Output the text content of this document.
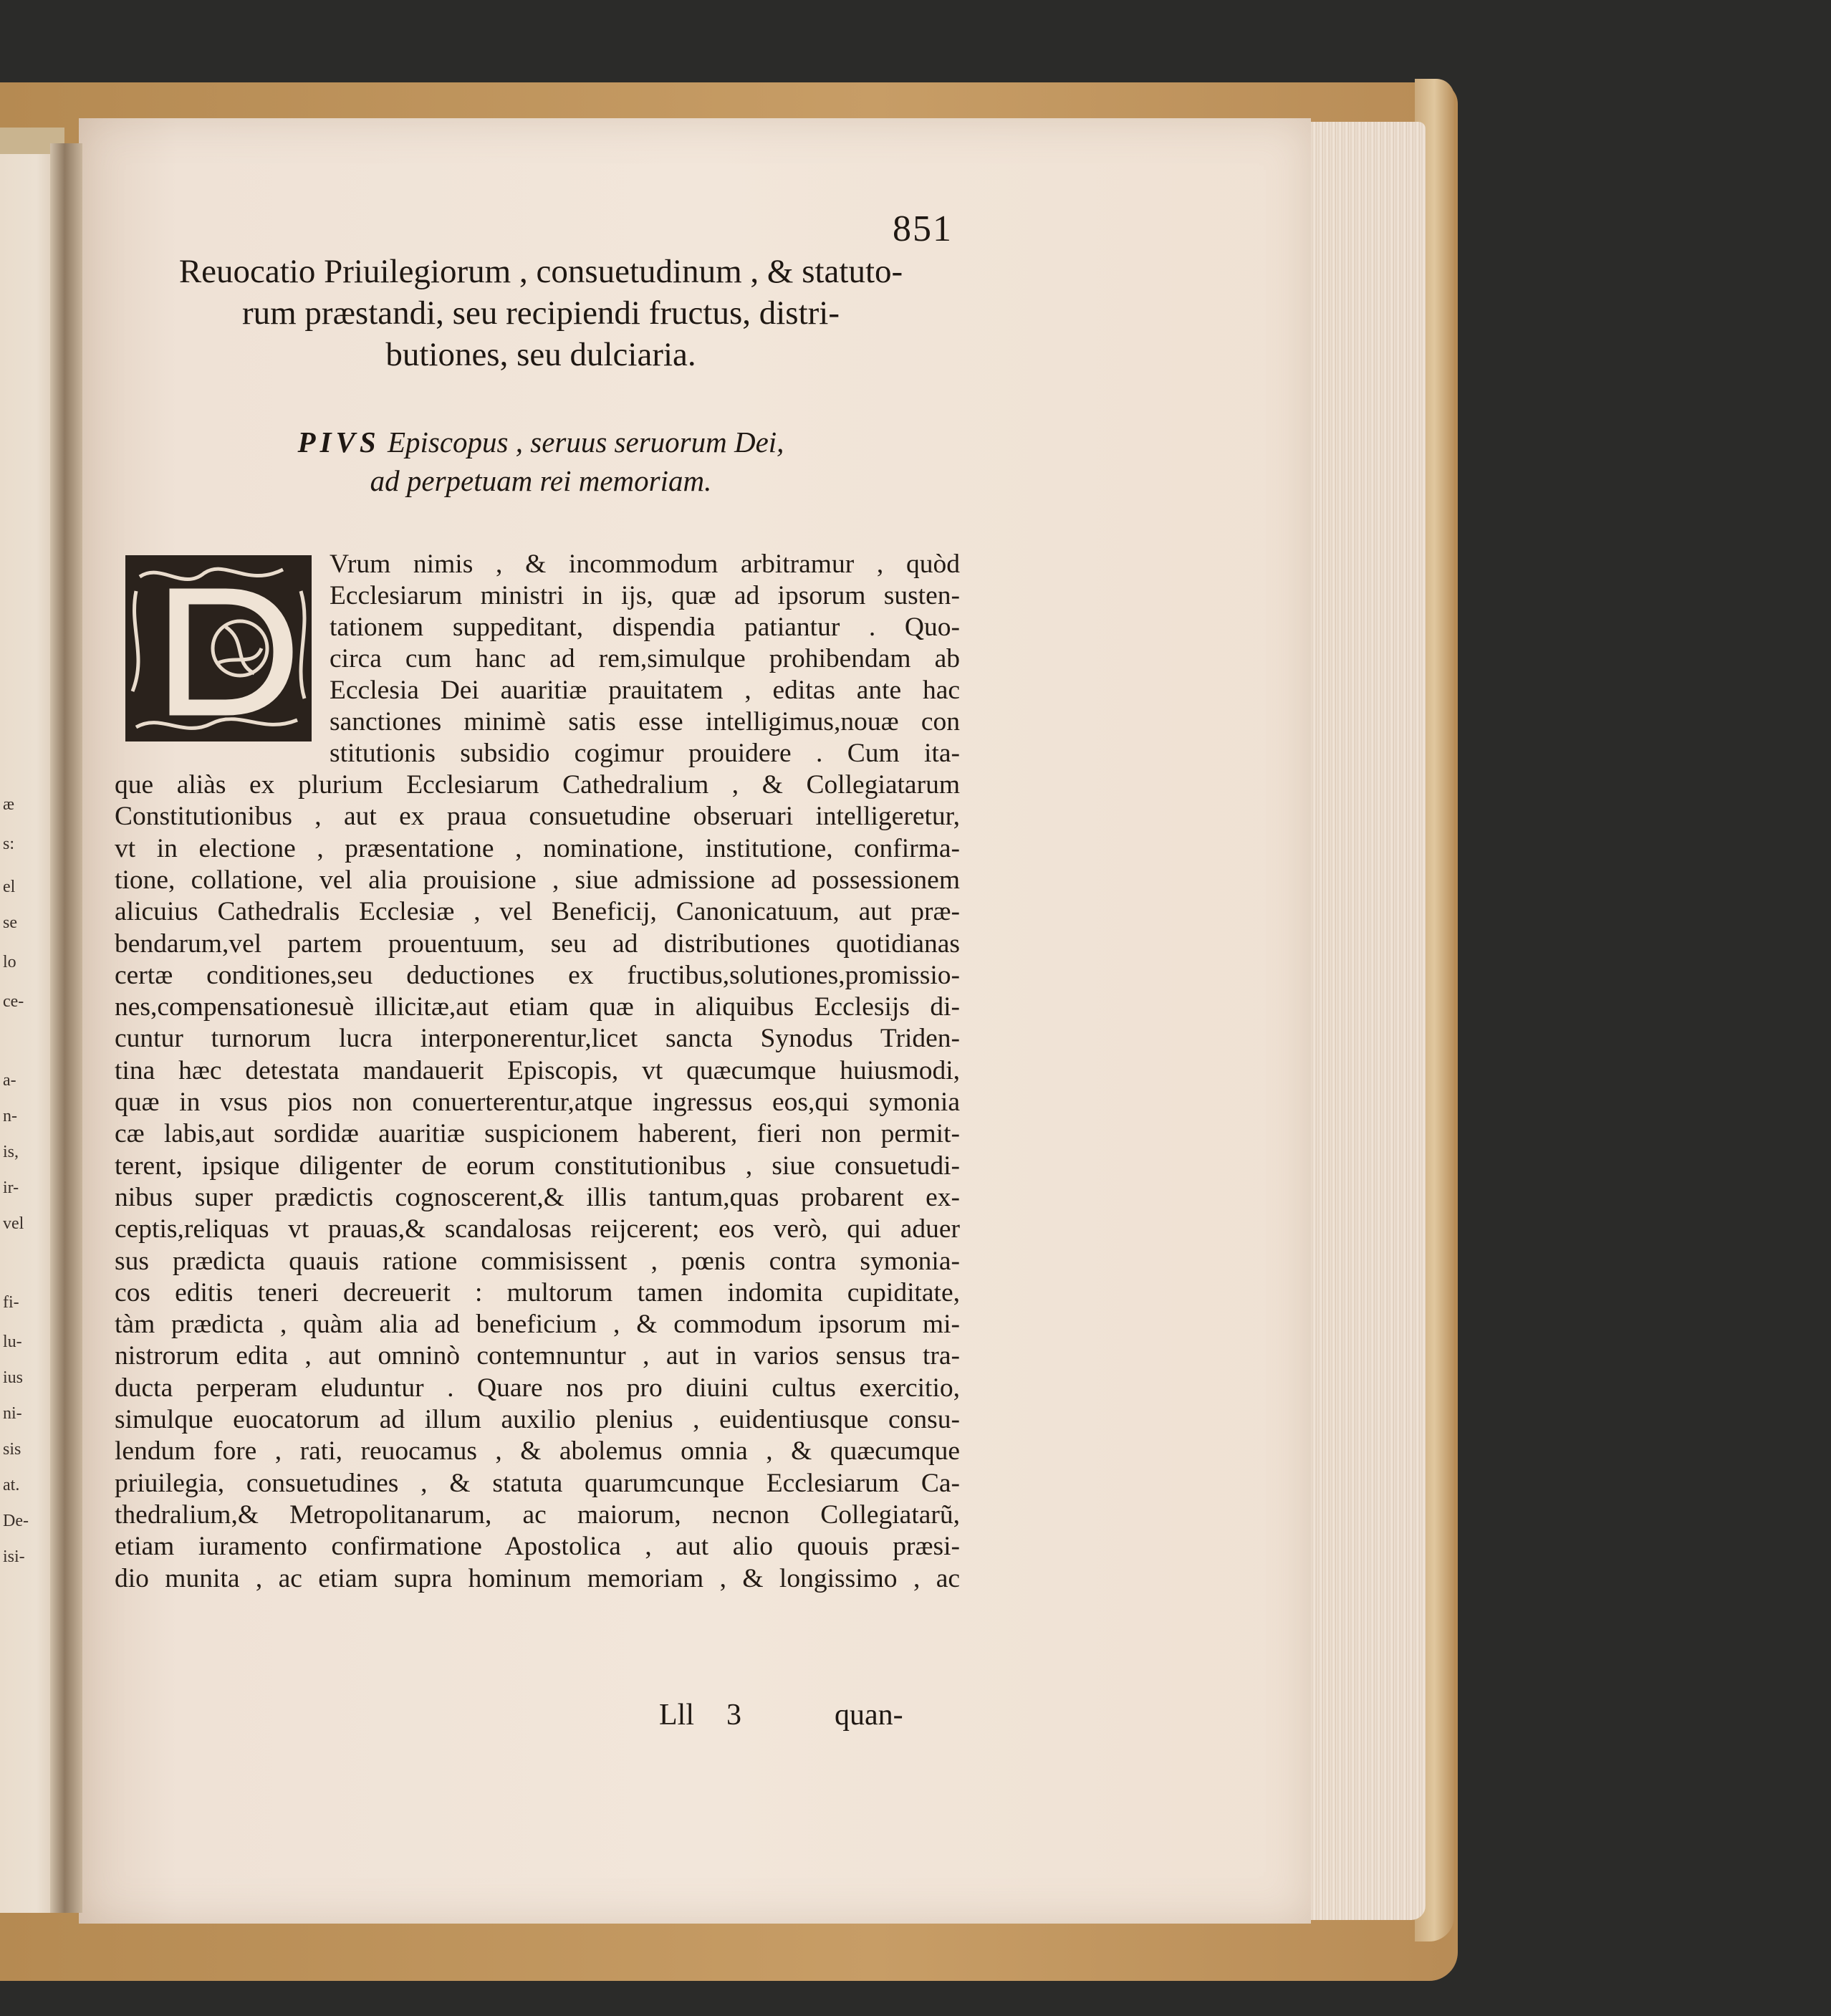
æ
s:
el
se
lo
ce-
a-
n-
is,
ir-
vel
fi-
lu-
ius
ni-
sis
at.
De-
isi-
851
Reuocatio Priuilegiorum , consuetudinum , & statuto-
rum præstandi, seu recipiendi fructus, distri-
butiones, seu dulciaria.
PIVS Episcopus , seruus seruorum Dei,
ad perpetuam rei memoriam.
Vrum nimis , & incommodum arbitramur , quòd
Ecclesiarum ministri in ijs, quæ ad ipsorum susten-
tationem suppeditant, dispendia patiantur . Quo-
circa cum hanc ad rem,simulque prohibendam ab
Ecclesia Dei auaritiæ prauitatem , editas ante hac
sanctiones minimè satis esse intelligimus,nouæ con
stitutionis subsidio cogimur prouidere . Cum ita-
que aliàs ex plurium Ecclesiarum Cathedralium , & Collegiatarum
Constitutionibus , aut ex praua consuetudine obseruari intelligeretur,
vt in electione , præsentatione , nominatione, institutione, confirma-
tione, collatione, vel alia prouisione , siue admissione ad possessionem
alicuius Cathedralis Ecclesiæ , vel Beneficij, Canonicatuum, aut præ-
bendarum,vel partem prouentuum, seu ad distributiones quotidianas
certæ conditiones,seu deductiones ex fructibus,solutiones,promissio-
nes,compensationesuè illicitæ,aut etiam quæ in aliquibus Ecclesijs di-
cuntur turnorum lucra interponerentur,licet sancta Synodus Triden-
tina hæc detestata mandauerit Episcopis, vt quæcumque huiusmodi,
quæ in vsus pios non conuerterentur,atque ingressus eos,qui symonia
cæ labis,aut sordidæ auaritiæ suspicionem haberent, fieri non permit-
terent, ipsique diligenter de eorum constitutionibus , siue consuetudi-
nibus super prædictis cognoscerent,& illis tantum,quas probarent ex-
ceptis,reliquas vt prauas,& scandalosas reijcerent; eos verò, qui aduer
sus prædicta quauis ratione commisissent , pœnis contra symonia-
cos editis teneri decreuerit : multorum tamen indomita cupiditate,
tàm prædicta , quàm alia ad beneficium , & commodum ipsorum mi-
nistrorum edita , aut omninò contemnuntur , aut in varios sensus tra-
ducta perperam eluduntur . Quare nos pro diuini cultus exercitio,
simulque euocatorum ad illum auxilio plenius , euidentiusque consu-
lendum fore , rati, reuocamus , & abolemus omnia , & quæcumque
priuilegia, consuetudines , & statuta quarumcunque Ecclesiarum Ca-
thedralium,& Metropolitanarum, ac maiorum, necnon Collegiatarũ,
etiam iuramento confirmatione Apostolica , aut alio quouis præsi-
dio munita , ac etiam supra hominum memoriam , & longissimo , ac
Lll 3	quan-
